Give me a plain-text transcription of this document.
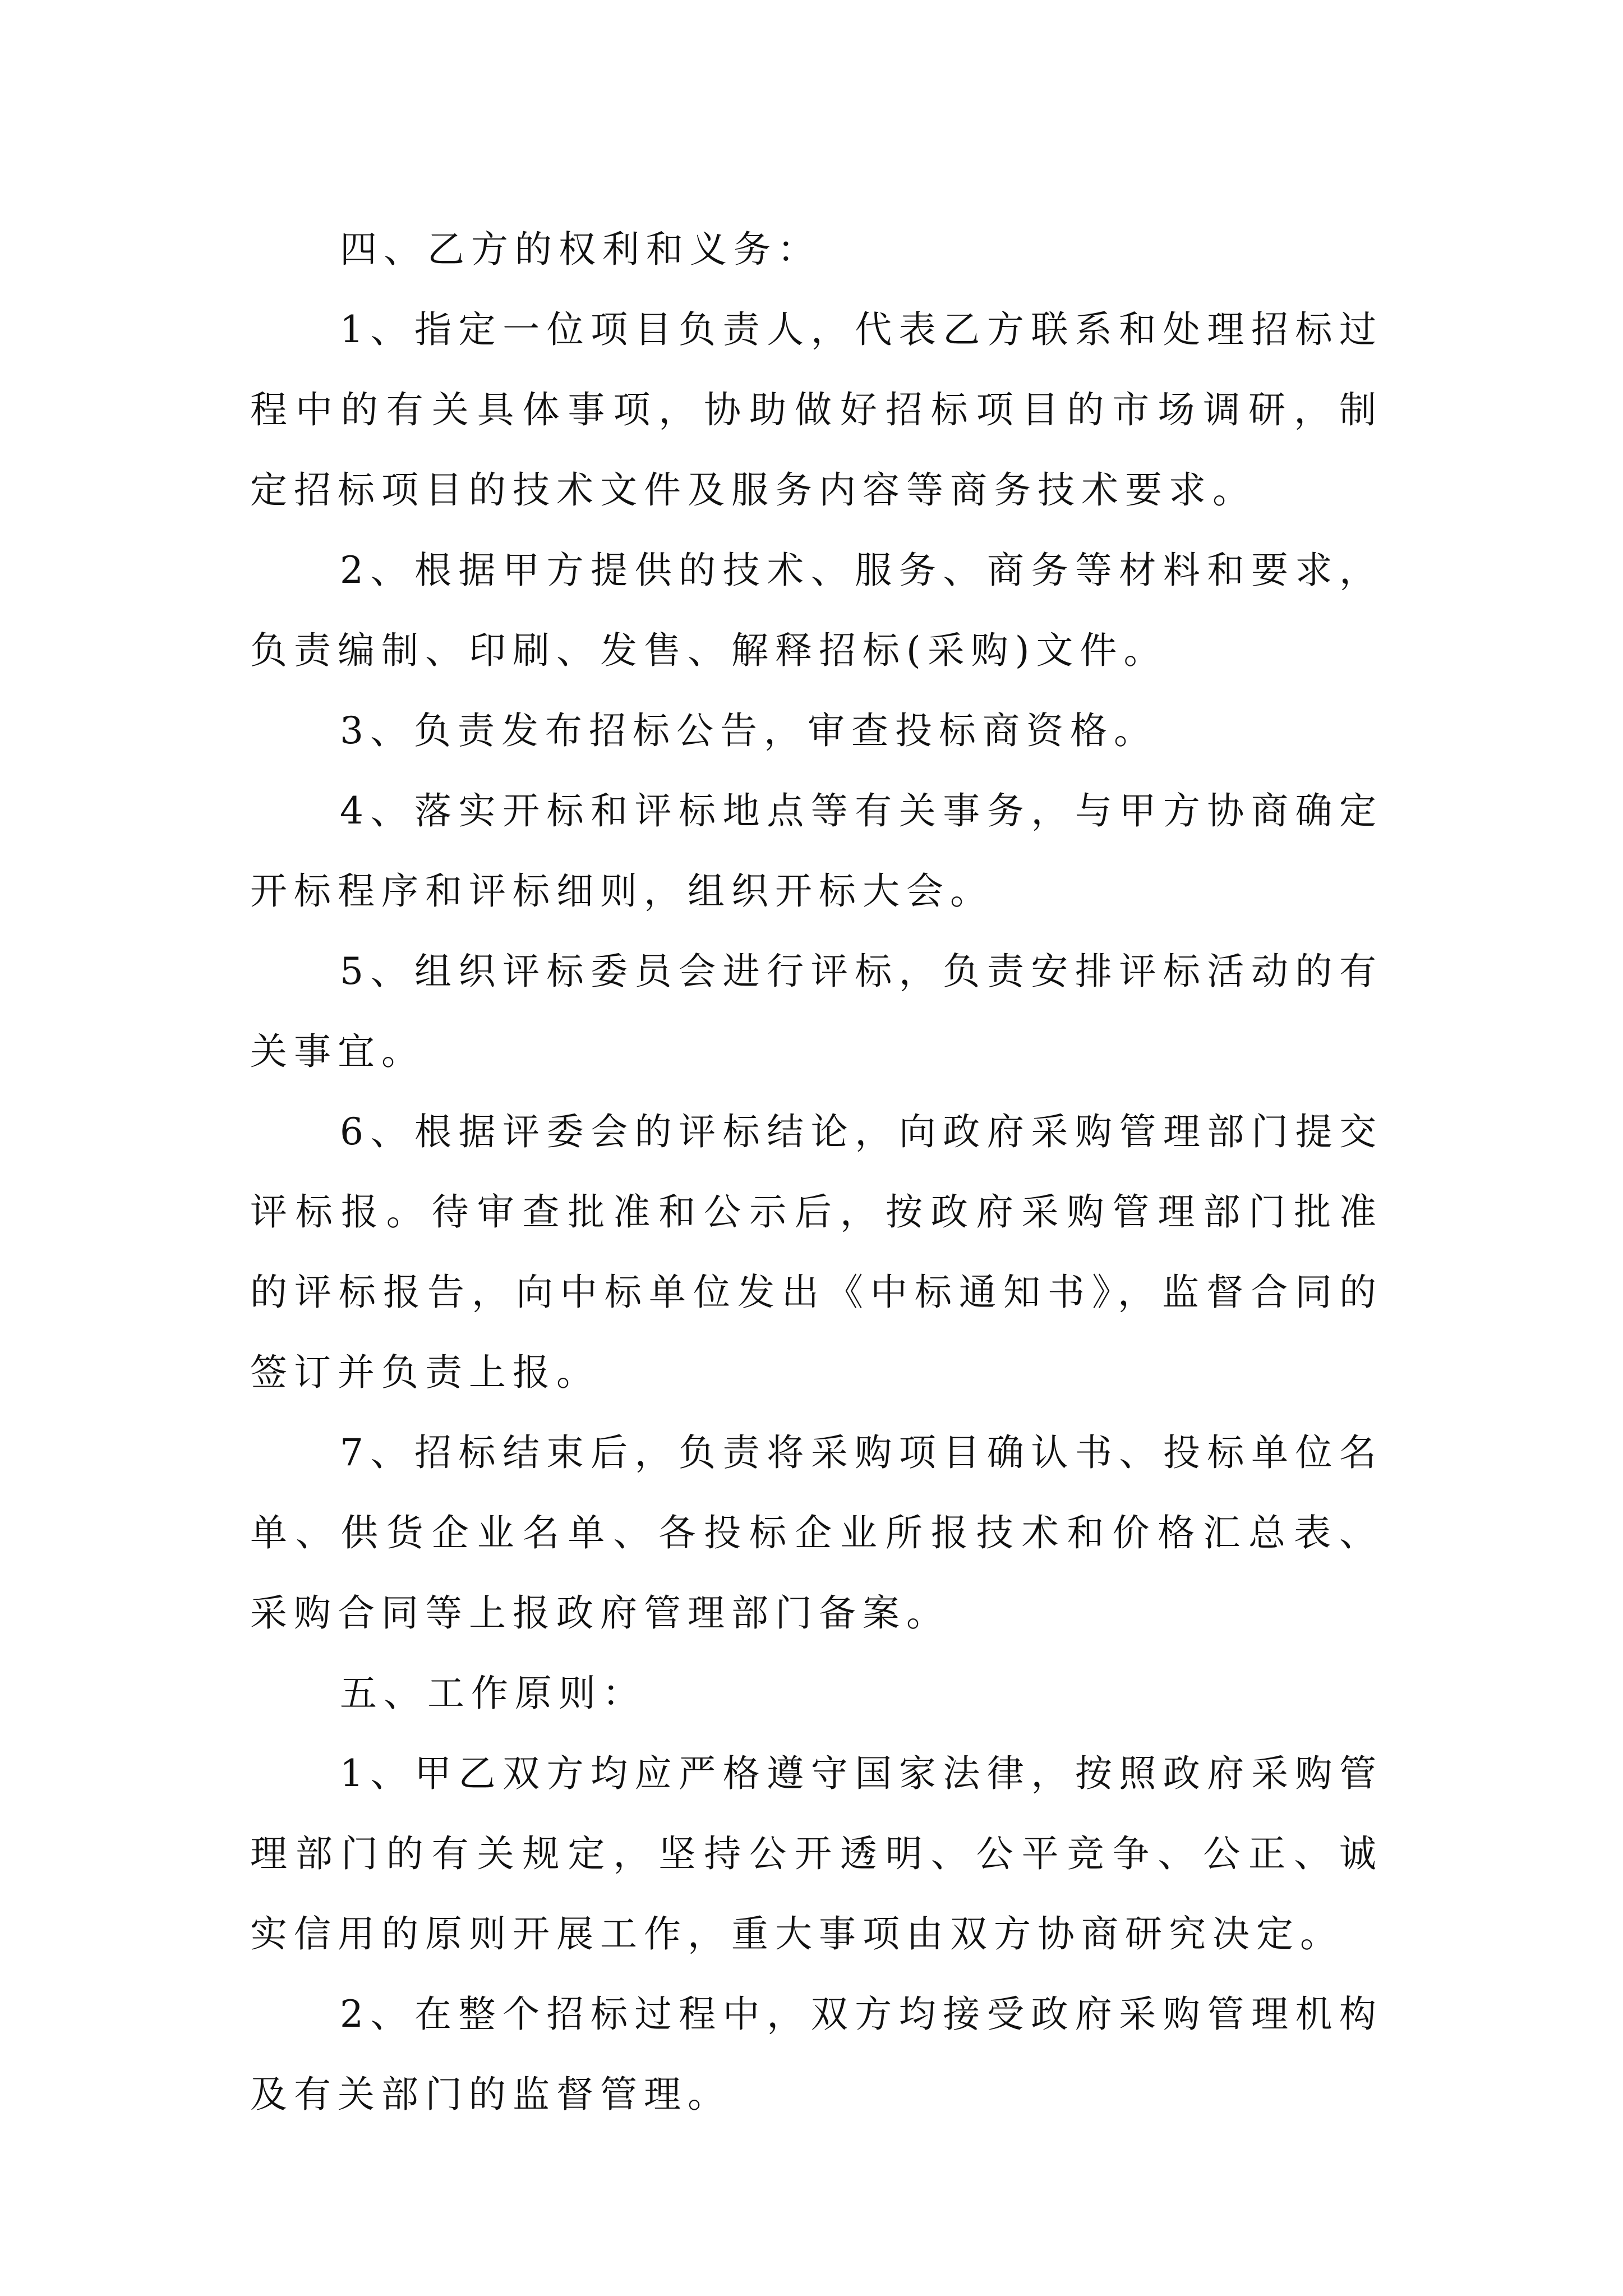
四、乙方的权利和义务：

1、指定一位项目负责人，代表乙方联系和处理招标过程中的有关具体事项，协助做好招标项目的市场调研，制定招标项目的技术文件及服务内容等商务技术要求。

2、根据甲方提供的技术、服务、商务等材料和要求，负责编制、印刷、发售、解释招标(采购)文件。

3、负责发布招标公告，审查投标商资格。

4、落实开标和评标地点等有关事务，与甲方协商确定开标程序和评标细则，组织开标大会。

5、组织评标委员会进行评标，负责安排评标活动的有关事宜。

6、根据评委会的评标结论，向政府采购管理部门提交评标报。待审查批准和公示后，按政府采购管理部门批准的评标报告，向中标单位发出《中标通知书》，监督合同的签订并负责上报。

7、招标结束后，负责将采购项目确认书、投标单位名单、供货企业名单、各投标企业所报技术和价格汇总表、采购合同等上报政府管理部门备案。

五、工作原则：

1、甲乙双方均应严格遵守国家法律，按照政府采购管理部门的有关规定，坚持公开透明、公平竞争、公正、诚实信用的原则开展工作，重大事项由双方协商研究决定。

2、在整个招标过程中，双方均接受政府采购管理机构及有关部门的监督管理。
